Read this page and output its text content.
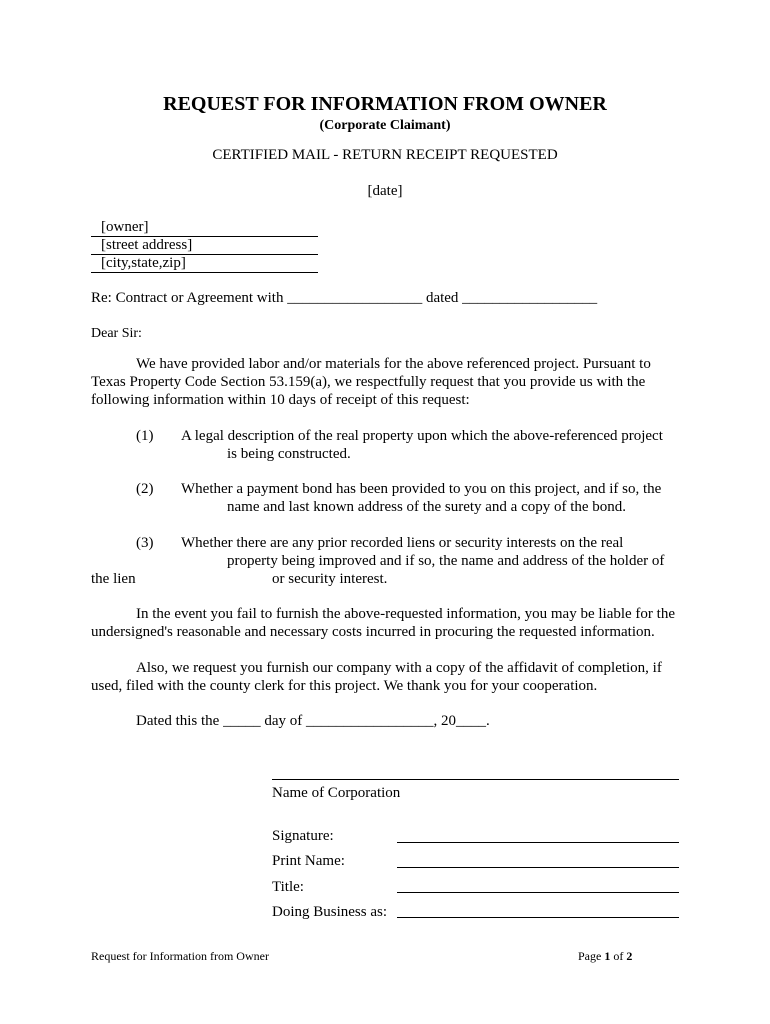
REQUEST FOR INFORMATION FROM OWNER
(Corporate Claimant)
CERTIFIED MAIL - RETURN RECEIPT REQUESTED
[date]
[owner]
[street address]
[city,state,zip]
Re: Contract or Agreement with __________________ dated __________________
Dear Sir:
We have provided labor and/or materials for the above referenced project. Pursuant to
Texas Property Code Section 53.159(a), we respectfully request that you provide us with the
following information within 10 days of receipt of this request:
(1) A legal description of the real property upon which the above-referenced project
is being constructed.
(2) Whether a payment bond has been provided to you on this project, and if so, the
name and last known address of the surety and a copy of the bond.
(3) Whether there are any prior recorded liens or security interests on the real
property being improved and if so, the name and address of the holder of
the lien	or security interest.
In the event you fail to furnish the above-requested information, you may be liable for the
undersigned's reasonable and necessary costs incurred in procuring the requested information.
Also, we request you furnish our company with a copy of the affidavit of completion, if
used, filed with the county clerk for this project. We thank you for your cooperation.
Dated this the _____ day of _________________, 20____.
Name of Corporation
Signature:
Print Name:
Title:
Doing Business as:
Request for Information from Owner	Page 1 of 2
